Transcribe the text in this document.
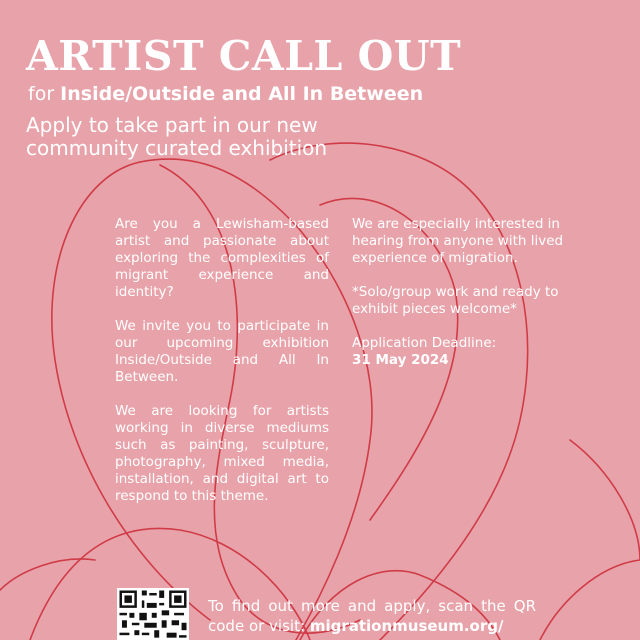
ARTIST CALL OUT
for Inside/Outside and All In Between
Apply to take part in our new community curated exhibition

Are you a Lewisham-based artist and passionate about exploring the complexities of migrant experience and identity?

We invite you to participate in our upcoming exhibition Inside/Outside and All In Between.

We are looking for artists working in diverse mediums such as painting, sculpture, photography, mixed media, installation, and digital art to respond to this theme.

We are especially interested in hearing from anyone with lived experience of migration.

*Solo/group work and ready to exhibit pieces welcome*

Application Deadline:
31 May 2024
To find out more and apply, scan the QR code or visit: migrationmuseum.org/
